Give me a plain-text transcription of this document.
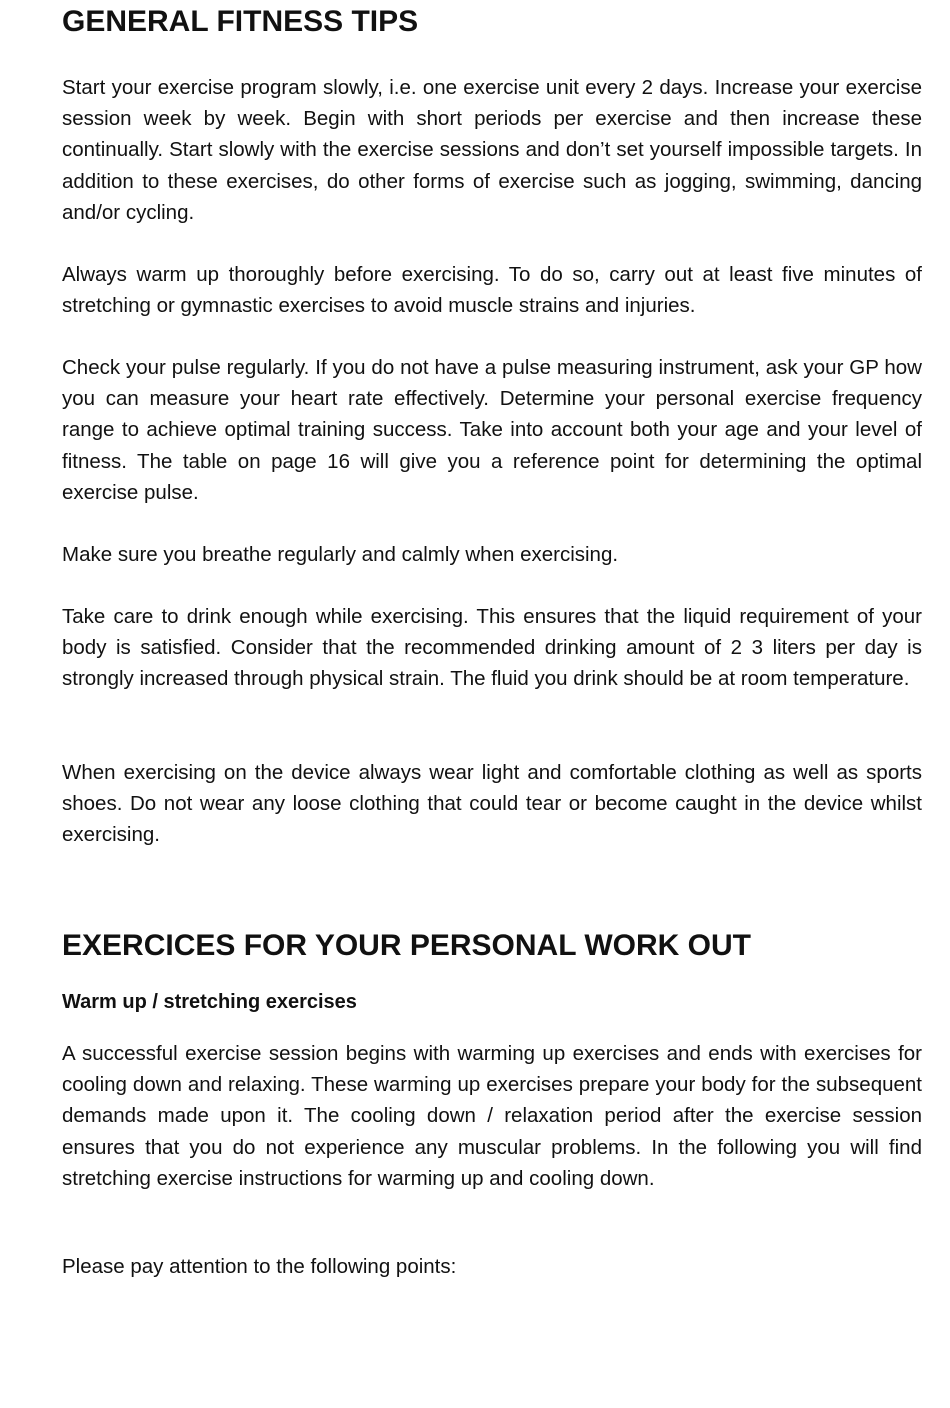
GENERAL FITNESS TIPS

Start your exercise program slowly, i.e. one exercise unit every 2 days. Increase your exercise session week by week. Begin with short periods per exercise and then increase these continually. Start slowly with the exercise sessions and don’t set yourself impossible targets. In addition to these exercises, do other forms of exercise such as jogging, swimming, dancing and/or cycling.

Always warm up thoroughly before exercising. To do so, carry out at least five minutes of stretching or gymnastic exercises to avoid muscle strains and injuries.

Check your pulse regularly. If you do not have a pulse measuring instrument, ask your GP how you can measure your heart rate effectively. Determine your personal exercise frequency range to achieve optimal training success. Take into account both your age and your level of fitness. The table on page 16 will give you a reference point for determining the optimal exercise pulse.

Make sure you breathe regularly and calmly when exercising.

Take care to drink enough while exercising. This ensures that the liquid requirement of your body is satisfied. Consider that the recommended drinking amount of 2 3 liters per day is strongly increased through physical strain. The fluid you drink should be at room temperature.

When exercising on the device always wear light and comfortable clothing as well as sports shoes. Do not wear any loose clothing that could tear or become caught in the device whilst exercising.

EXERCICES FOR YOUR PERSONAL WORK OUT
Warm up / stretching exercises

A successful exercise session begins with warming up exercises and ends with exercises for cooling down and relaxing. These warming up exercises prepare your body for the subsequent demands made upon it. The cooling down / relaxation period after the exercise session ensures that you do not experience any muscular problems. In the following you will find stretching exercise instructions for warming up and cooling down.

Please pay attention to the following points:
